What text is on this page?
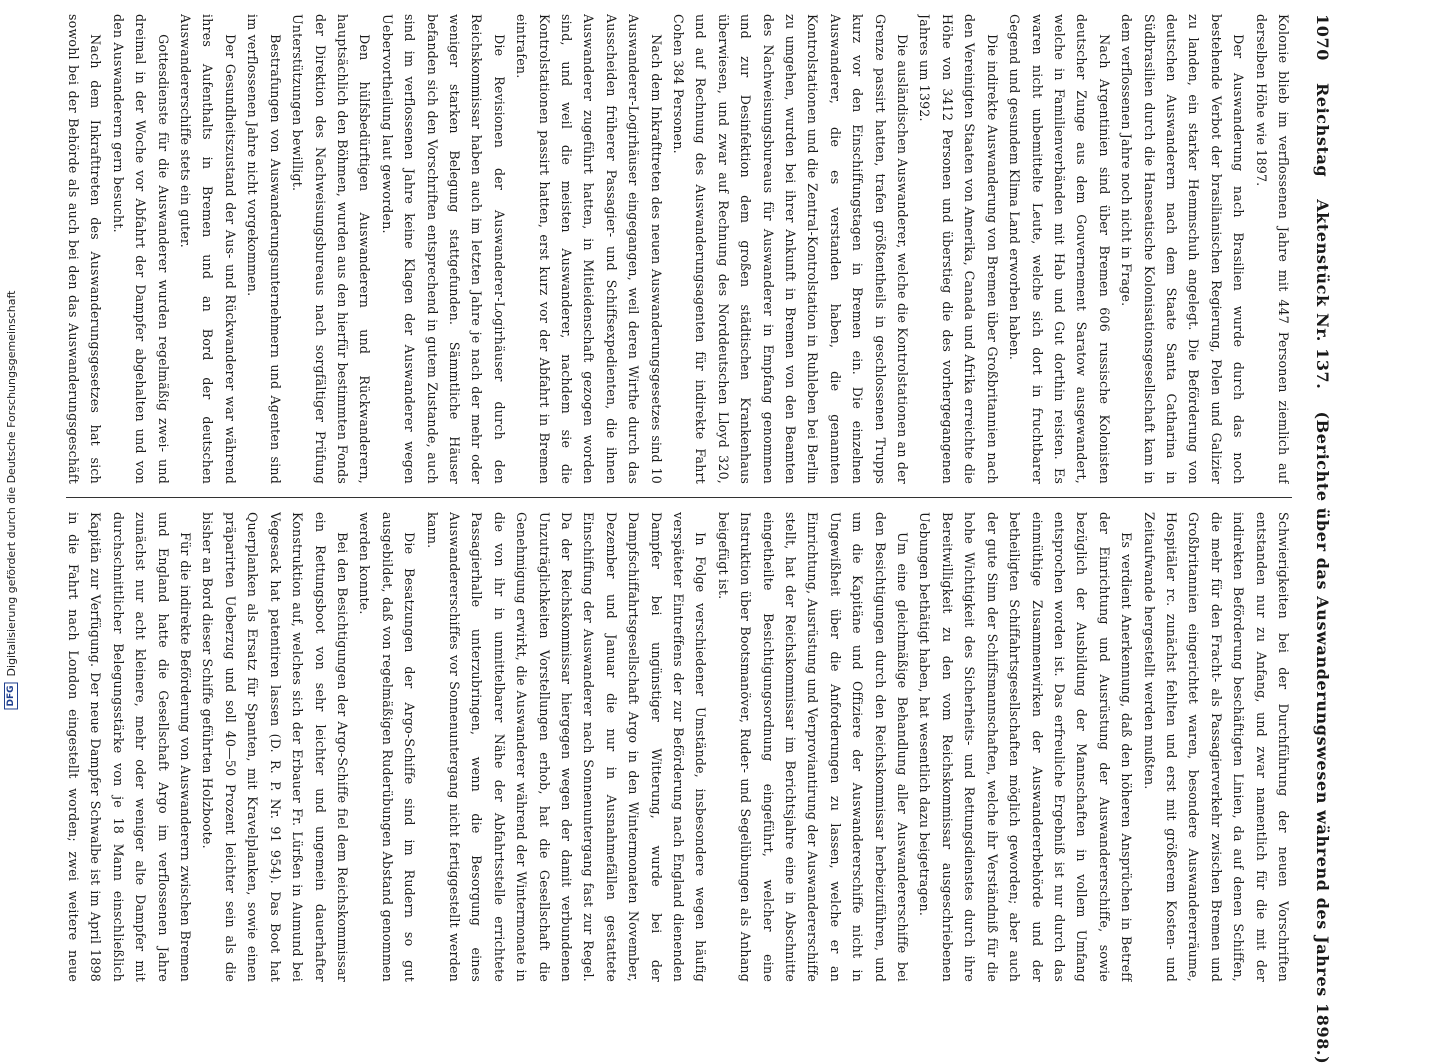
DFG
Digitalisierung gefördert durch die Deutsche Forschungsgemeinschaft
1070
Reichstag
Aktenstück Nr. 137.
(Berichte über das Auswanderungswesen während des Jahres 1898.)

Kolonie blieb im verflossenen Jahre mit 447 Personen ziemlich auf derselben Höhe wie 1897.

Der Auswanderung nach Brasilien wurde durch das noch bestehende Verbot der brasilianischen Regierung, Polen und Galizier zu landen, ein starker Hemmschuh angelegt. Die Beförderung von deutschen Auswanderern nach dem Staate Santa Catharina in Südbrasilien durch die Hanseatische Kolonisationsgesellschaft kam in dem verflossenen Jahre noch nicht in Frage.

Nach Argentinien sind über Bremen 606 russische Kolonisten deutscher Zunge aus dem Gouvernement Saratow ausgewandert, welche in Familienverbänden mit Hab und Gut dorthin reisten. Es waren nicht unbemittelte Leute, welche sich dort in fruchtbarer Gegend und gesundem Klima Land erworben haben.

Die indirekte Auswanderung von Bremen über Großbritannien nach den Vereinigten Staaten von Amerika, Canada und Afrika erreichte die Höhe von 3412 Personen und überstieg die des vorhergegangenen Jahres um 1392.

Die ausländischen Auswanderer, welche die Kontrolstationen an der Grenze passirt hatten, trafen größtentheils in geschlossenen Trupps kurz vor den Einschiffungstagen in Bremen ein. Die einzelnen Auswanderer, die es verstanden haben, die genannten Kontrolstationen und die Zentral-Kontrolstation in Ruhleben bei Berlin zu umgehen, wurden bei ihrer Ankunft in Bremen von den Beamten des Nachweisungsbureaus für Auswanderer in Empfang genommen und zur Desinfektion dem großen städtischen Krankenhaus überwiesen, und zwar auf Rechnung des Norddeutschen Lloyd 320, und auf Rechnung des Auswanderungsagenten für indirekte Fahrt Cohen 384 Personen.

Nach dem Inkrafttreten des neuen Auswanderungsgesetzes sind 10 Auswanderer-Logirhäuser eingegangen, weil deren Wirthe durch das Ausscheiden früherer Passagier- und Schiffsexpedienten, die ihnen Auswanderer zugeführt hatten, in Mitleidenschaft gezogen worden sind, und weil die meisten Auswanderer, nachdem sie die Kontrolstationen passirt hatten, erst kurz vor der Abfahrt in Bremen eintrafen.

Die Revisionen der Auswanderer-Logirhäuser durch den Reichskommissar haben auch im letzten Jahre je nach der mehr oder weniger starken Belegung stattgefunden. Sämmtliche Häuser befanden sich den Vorschriften entsprechend in gutem Zustande, auch sind im verflossenen Jahre keine Klagen der Auswanderer wegen Uebervortheilung laut geworden.

Den hülfsbedürftigen Auswanderern und Rückwanderern, hauptsächlich den Böhmen, wurden aus den hierfür bestimmten Fonds der Direktion des Nachweisungsbureaus nach sorgfältiger Prüfung Unterstützungen bewilligt.

Bestrafungen von Auswanderungsunternehmern und Agenten sind im verflossenen Jahre nicht vorgekommen.

Der Gesundheitszustand der Aus- und Rückwanderer war während ihres Aufenthalts in Bremen und an Bord der deutschen Auswandererschiffe stets ein guter.

Gottesdienste für die Auswanderer wurden regelmäßig zwei- und dreimal in der Woche vor Abfahrt der Dampfer abgehalten und von den Auswanderern gern besucht.

Nach dem Inkrafttreten des Auswanderungsgesetzes hat sich sowohl bei der Behörde als auch bei den das Auswanderungsgeschäft

Schwierigkeiten bei der Durchführung der neuen Vorschriften entstanden nur zu Anfang, und zwar namentlich für die mit der indirekten Beförderung beschäftigten Linien, da auf denen Schiffen, die mehr für den Fracht- als Passagierverkehr zwischen Bremen und Großbritannien eingerichtet waren, besondere Auswandererräume, Hospitäler rc. zunächst fehlten und erst mit größerem Kosten- und Zeitaufwande hergestellt werden mußten.

Es verdient Anerkennung, daß den höheren Ansprüchen in Betreff der Einrichtung und Ausrüstung der Auswandererschiffe, sowie bezüglich der Ausbildung der Mannschaften in vollem Umfang entsprochen worden ist. Das erfreuliche Ergebniß ist nur durch das einmüthige Zusammenwirken der Auswandererbehörde und der betheiligten Schiffahrtsgesellschaften möglich geworden; aber auch der gute Sinn der Schiffsmannschaften, welche ihr Verständniß für die hohe Wichtigkeit des Sicherheits- und Rettungsdienstes durch ihre Bereitwilligkeit zu den vom Reichskommissar ausgeschriebenen Uebungen bethätigt haben, hat wesentlich dazu beigetragen.

Um eine gleichmäßige Behandlung aller Auswandererschiffe bei den Besichtigungen durch den Reichskommissar herbeizuführen, und um die Kapitäne und Offiziere der Auswandererschiffe nicht in Ungewißheit über die Anforderungen zu lassen, welche er an Einrichtung, Ausrüstung und Verproviantirung der Auswandererschiffe stellt, hat der Reichskommissar im Berichtsjahre eine in Abschnitte eingetheilte Besichtigungsordnung eingeführt, welcher eine Instruktion über Bootsmanöver, Ruder- und Segelübungen als Anhang beigefügt ist.

In Folge verschiedener Umstände, insbesondere wegen häufig verspäteter Eintreffens der zur Beförderung nach England dienenden Dampfer bei ungünstiger Witterung, wurde bei der Dampfschiffahrtsgesellschaft Argo in den Wintermonaten November, Dezember und Januar die nur in Ausnahmefällen gestattete Einschiffung der Auswanderer nach Sonnenuntergang fast zur Regel. Da der Reichskommissar hiergegen wegen der damit verbundenen Unzuträglichkeiten Vorstellungen erhob, hat die Gesellschaft die Genehmigung erwirkt, die Auswanderer während der Wintermonate in die von ihr in unmittelbarer Nähe der Abfahrtsstelle errichtete Passagierhalle unterzubringen, wenn die Besorgung eines Auswandererschiffes vor Sonnenuntergang nicht fertiggestellt werden kann.

Die Besatzungen der Argo-Schiffe sind im Rudern so gut ausgebildet, daß von regelmäßigen Ruderübungen Abstand genommen werden konnte.

Bei den Besichtigungen der Argo-Schiffe fiel dem Reichskommissar ein Rettungsboot von sehr leichter und ungemein dauerhafter Konstruktion auf, welches sich der Erbauer Fr. Lürßen in Aumund bei Vegesack hat patentiren lassen (D. R. P. Nr. 91 954). Das Boot hat Querplanken als Ersatz für Spanten, mit Kravelplanken, sowie einen präparirten Ueberzug und soll 40—50 Prozent leichter sein als die bisher an Bord dieser Schiffe geführten Holzboote.

Für die indirekte Beförderung von Auswanderern zwischen Bremen und England hatte die Gesellschaft Argo im verflossenen Jahre zunächst nur acht kleinere, mehr oder weniger alte Dampfer mit durchschnittlicher Belegungsstärke von je 18 Mann einschließlich Kapitän zur Verfügung. Der neue Dampfer Schwalbe ist im April 1898 in die Fahrt nach London eingestellt worden; zwei weitere neue
